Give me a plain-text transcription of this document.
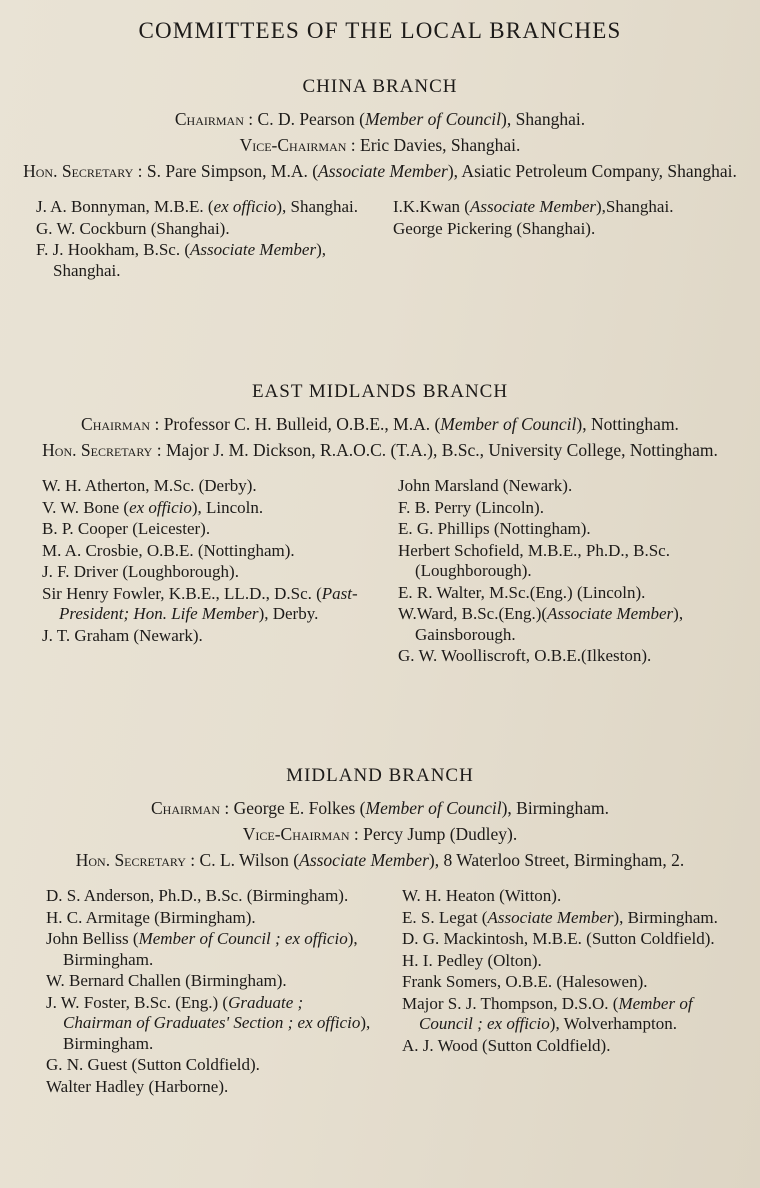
COMMITTEES OF THE LOCAL BRANCHES
CHINA BRANCH
Chairman : C. D. Pearson (Member of Council), Shanghai.
Vice-Chairman : Eric Davies, Shanghai.
Hon. Secretary : S. Pare Simpson, M.A. (Associate Member), Asiatic Petroleum Company, Shanghai.
J. A. Bonnyman, M.B.E. (ex officio), Shanghai.
G. W. Cockburn (Shanghai).
F. J. Hookham, B.Sc. (Associate Member), Shanghai.
I.K.Kwan (Associate Member),Shanghai.
George Pickering (Shanghai).
EAST MIDLANDS BRANCH
Chairman : Professor C. H. Bulleid, O.B.E., M.A. (Member of Council), Nottingham.
Hon. Secretary : Major J. M. Dickson, R.A.O.C. (T.A.), B.Sc., University College, Nottingham.
W. H. Atherton, M.Sc. (Derby).
V. W. Bone (ex officio), Lincoln.
B. P. Cooper (Leicester).
M. A. Crosbie, O.B.E. (Nottingham).
J. F. Driver (Loughborough).
Sir Henry Fowler, K.B.E., LL.D., D.Sc. (Past-President; Hon. Life Member), Derby.
J. T. Graham (Newark).
John Marsland (Newark).
F. B. Perry (Lincoln).
E. G. Phillips (Nottingham).
Herbert Schofield, M.B.E., Ph.D., B.Sc. (Loughborough).
E. R. Walter, M.Sc.(Eng.) (Lincoln).
W.Ward, B.Sc.(Eng.)(Associate Member), Gainsborough.
G. W. Woolliscroft, O.B.E.(Ilkeston).
MIDLAND BRANCH
Chairman : George E. Folkes (Member of Council), Birmingham.
Vice-Chairman : Percy Jump (Dudley).
Hon. Secretary : C. L. Wilson (Associate Member), 8 Waterloo Street, Birmingham, 2.
D. S. Anderson, Ph.D., B.Sc. (Birmingham).
H. C. Armitage (Birmingham).
John Belliss (Member of Council ; ex officio), Birmingham.
W. Bernard Challen (Birmingham).
J. W. Foster, B.Sc. (Eng.) (Graduate ; Chairman of Graduates' Section ; ex officio), Birmingham.
G. N. Guest (Sutton Coldfield).
Walter Hadley (Harborne).
W. H. Heaton (Witton).
E. S. Legat (Associate Member), Birmingham.
D. G. Mackintosh, M.B.E. (Sutton Coldfield).
H. I. Pedley (Olton).
Frank Somers, O.B.E. (Halesowen).
Major S. J. Thompson, D.S.O. (Member of Council ; ex officio), Wolverhampton.
A. J. Wood (Sutton Coldfield).
